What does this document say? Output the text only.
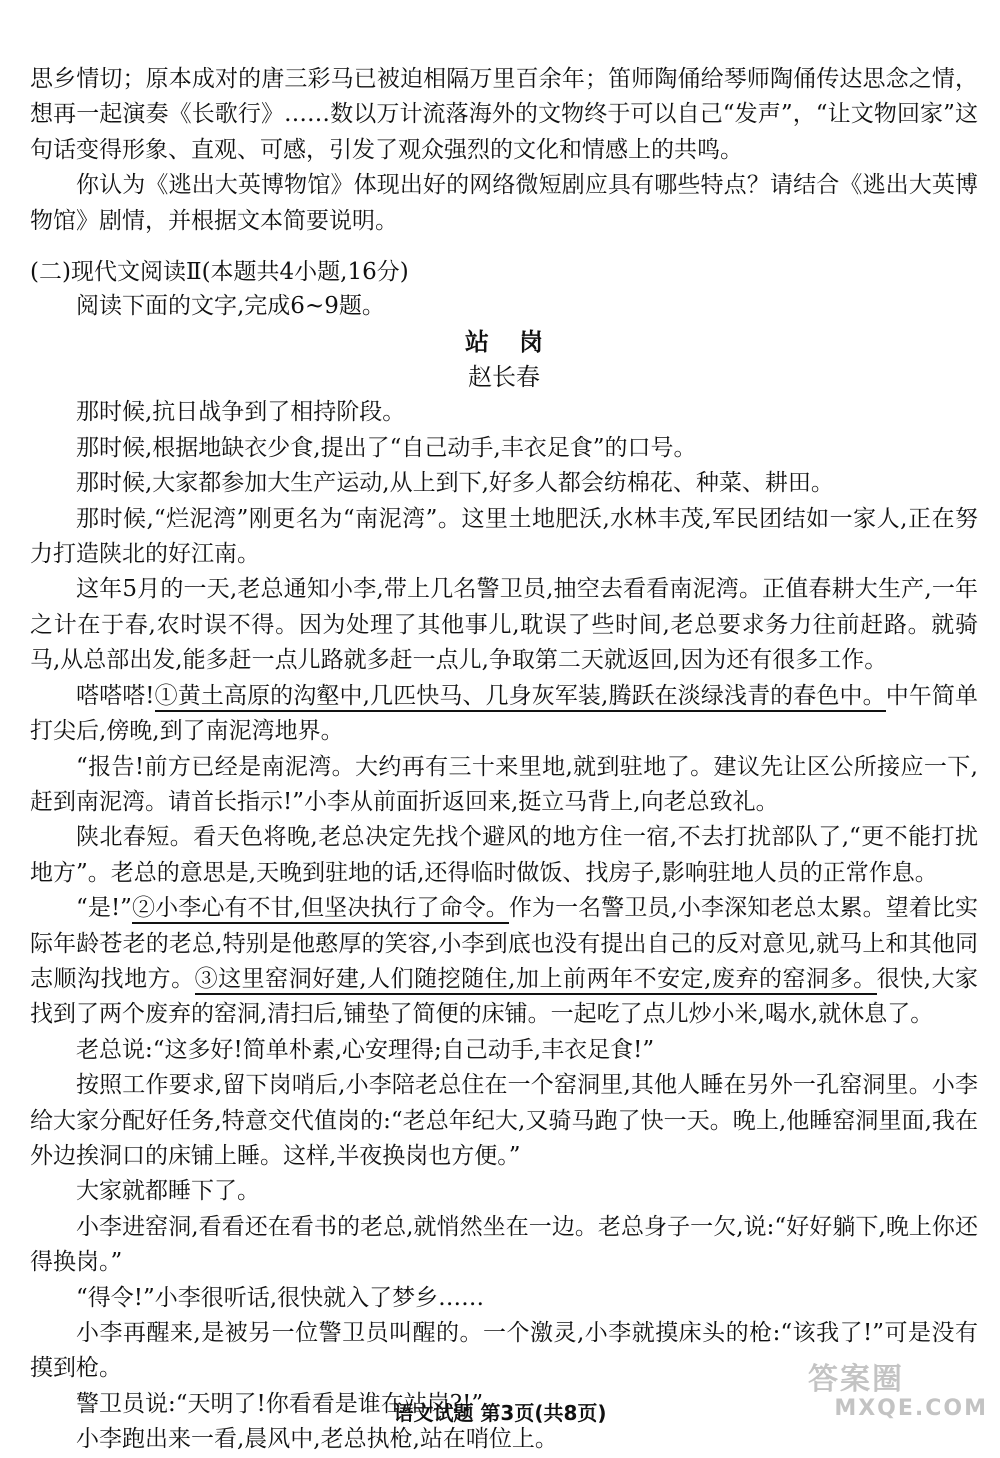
思乡情切；原本成对的唐三彩马已被迫相隔万里百余年；笛师陶俑给琴师陶俑传达思念之情，想再一起演奏《长歌行》……数以万计流落海外的文物终于可以自己“发声”，“让文物回家”这句话变得形象、直观、可感，引发了观众强烈的文化和情感上的共鸣。

你认为《逃出大英博物馆》体现出好的网络微短剧应具有哪些特点？请结合《逃出大英博物馆》剧情，并根据文本简要说明。

(二)现代文阅读Ⅱ(本题共4小题,16分)

阅读下面的文字,完成6~9题。

站岗

赵长春

那时候,抗日战争到了相持阶段。

那时候,根据地缺衣少食,提出了“自己动手,丰衣足食”的口号。

那时候,大家都参加大生产运动,从上到下,好多人都会纺棉花、种菜、耕田。

那时候,“烂泥湾”刚更名为“南泥湾”。这里土地肥沃,水林丰茂,军民团结如一家人,正在努力打造陕北的好江南。

这年5月的一天,老总通知小李,带上几名警卫员,抽空去看看南泥湾。正值春耕大生产,一年之计在于春,农时误不得。因为处理了其他事儿,耽误了些时间,老总要求务力往前赶路。就骑马,从总部出发,能多赶一点儿路就多赶一点儿,争取第二天就返回,因为还有很多工作。

嗒嗒嗒!①黄土高原的沟壑中,几匹快马、几身灰军装,腾跃在淡绿浅青的春色中。中午简单打尖后,傍晚,到了南泥湾地界。

“报告!前方已经是南泥湾。大约再有三十来里地,就到驻地了。建议先让区公所接应一下,赶到南泥湾。请首长指示!”小李从前面折返回来,挺立马背上,向老总致礼。

陕北春短。看天色将晚,老总决定先找个避风的地方住一宿,不去打扰部队了,“更不能打扰地方”。老总的意思是,天晚到驻地的话,还得临时做饭、找房子,影响驻地人员的正常作息。

“是!”②小李心有不甘,但坚决执行了命令。作为一名警卫员,小李深知老总太累。望着比实际年龄苍老的老总,特别是他憨厚的笑容,小李到底也没有提出自己的反对意见,就马上和其他同志顺沟找地方。③这里窑洞好建,人们随挖随住,加上前两年不安定,废弃的窑洞多。很快,大家找到了两个废弃的窑洞,清扫后,铺垫了简便的床铺。一起吃了点儿炒小米,喝水,就休息了。

老总说:“这多好!简单朴素,心安理得;自己动手,丰衣足食!”

按照工作要求,留下岗哨后,小李陪老总住在一个窑洞里,其他人睡在另外一孔窑洞里。小李给大家分配好任务,特意交代值岗的:“老总年纪大,又骑马跑了快一天。晚上,他睡窑洞里面,我在外边挨洞口的床铺上睡。这样,半夜换岗也方便。”

大家就都睡下了。

小李进窑洞,看看还在看书的老总,就悄然坐在一边。老总身子一欠,说:“好好躺下,晚上你还得换岗。”

“得令!”小李很听话,很快就入了梦乡……

小李再醒来,是被另一位警卫员叫醒的。一个激灵,小李就摸床头的枪:“该我了!”可是没有摸到枪。

警卫员说:“天明了!你看看是谁在站岗?!”

小李跑出来一看,晨风中,老总执枪,站在哨位上。

语文试题 第3页(共8页)
答案圈
MXQE.COM
